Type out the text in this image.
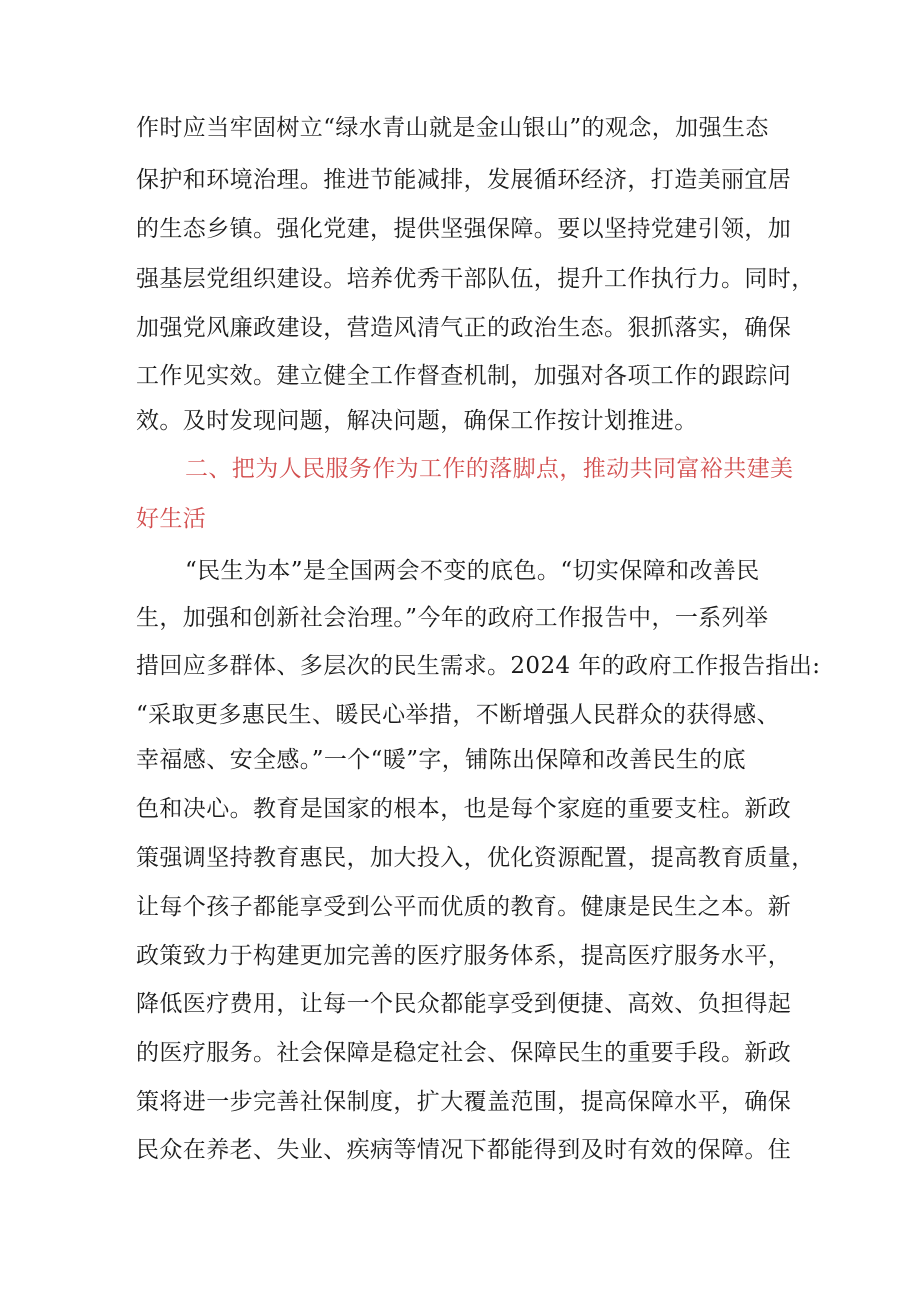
作时应当牢固树立“绿水青山就是金山银山”的观念，加强生态
保护和环境治理。推进节能减排，发展循环经济，打造美丽宜居
的生态乡镇。强化党建，提供坚强保障。要以坚持党建引领，加
强基层党组织建设。培养优秀干部队伍，提升工作执行力。同时，
加强党风廉政建设，营造风清气正的政治生态。狠抓落实，确保
工作见实效。建立健全工作督查机制，加强对各项工作的跟踪问
效。及时发现问题，解决问题，确保工作按计划推进。
二、把为人民服务作为工作的落脚点，推动共同富裕共建美
好生活
“民生为本”是全国两会不变的底色。“切实保障和改善民
生，加强和创新社会治理。”今年的政府工作报告中，一系列举
措回应多群体、多层次的民生需求。2024 年的政府工作报告指出:
“采取更多惠民生、暖民心举措，不断增强人民群众的获得感、
幸福感、安全感。”一个“暖”字，铺陈出保障和改善民生的底
色和决心。教育是国家的根本，也是每个家庭的重要支柱。新政
策强调坚持教育惠民，加大投入，优化资源配置，提高教育质量，
让每个孩子都能享受到公平而优质的教育。健康是民生之本。新
政策致力于构建更加完善的医疗服务体系，提高医疗服务水平，
降低医疗费用，让每一个民众都能享受到便捷、高效、负担得起
的医疗服务。社会保障是稳定社会、保障民生的重要手段。新政
策将进一步完善社保制度，扩大覆盖范围，提高保障水平，确保
民众在养老、失业、疾病等情况下都能得到及时有效的保障。住
